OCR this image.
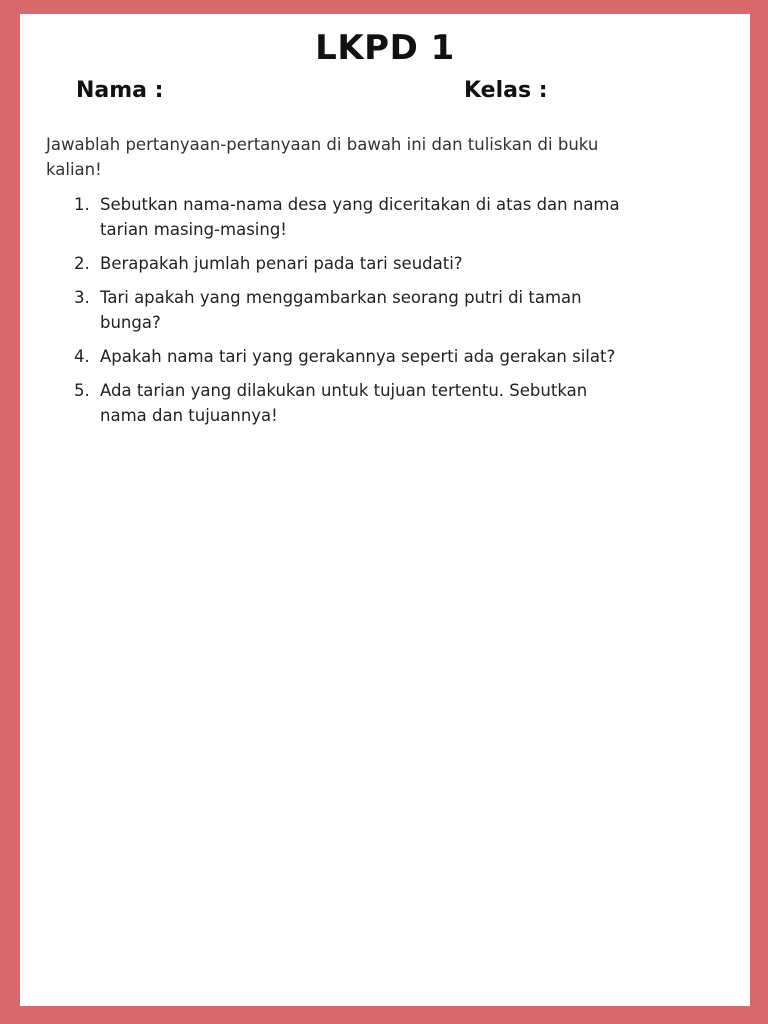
LKPD 1

Nama :	Kelas :

Jawablah pertanyaan-pertanyaan di bawah ini dan tuliskan di buku kalian!

1. Sebutkan nama-nama desa yang diceritakan di atas dan nama tarian masing-masing!
2. Berapakah jumlah penari pada tari seudati?
3. Tari apakah yang menggambarkan seorang putri di taman bunga?
4. Apakah nama tari yang gerakannya seperti ada gerakan silat?
5. Ada tarian yang dilakukan untuk tujuan tertentu. Sebutkan nama dan tujuannya!
